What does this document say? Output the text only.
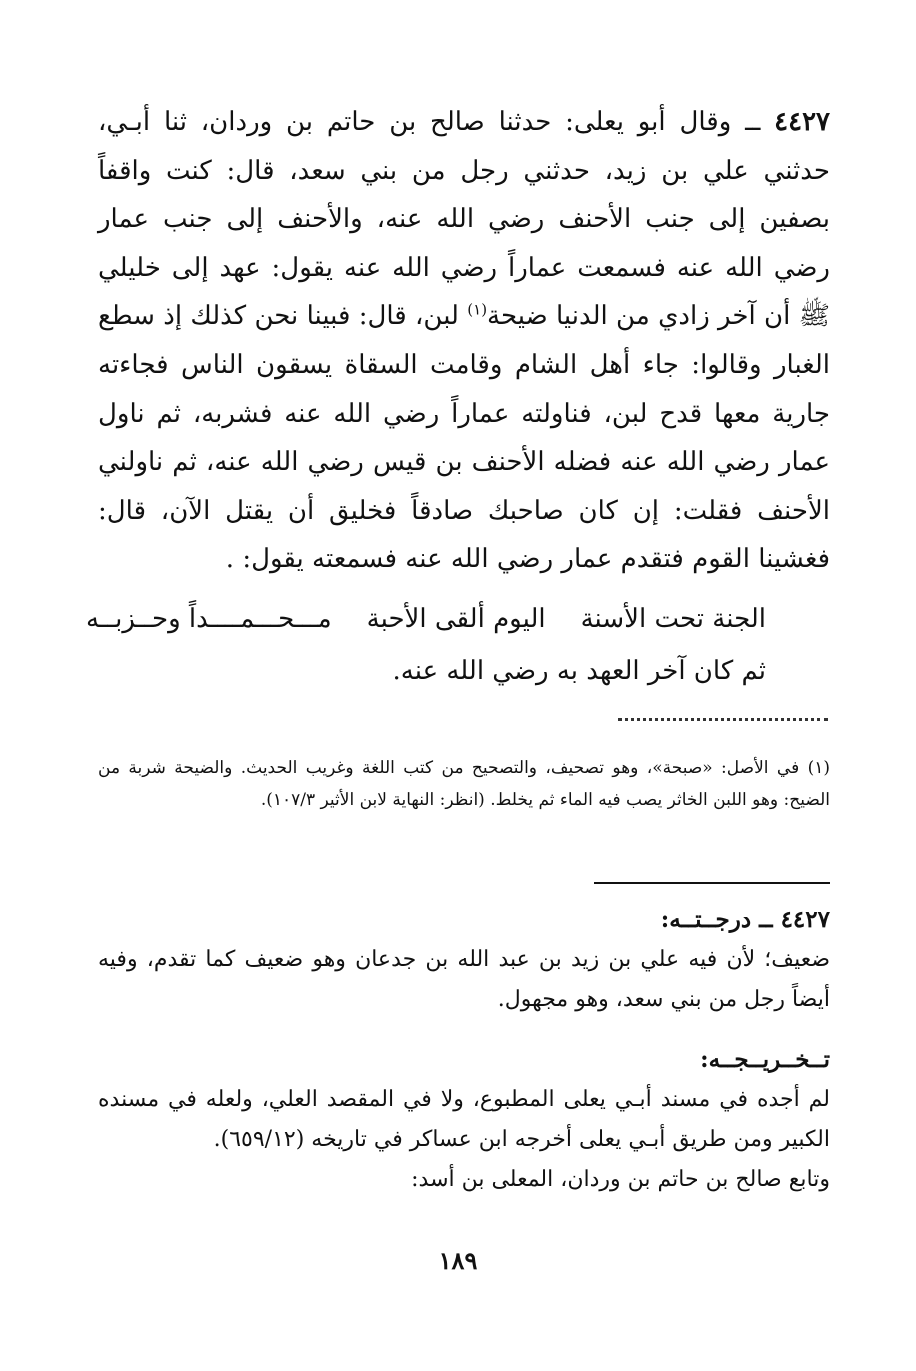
٤٤٢٧ ــ وقال أبو يعلى: حدثنا صالح بن حاتم بن وردان، ثنا أبـي، حدثني علي بن زيد، حدثني رجل من بني سعد، قال: كنت واقفاً بصفين إلى جنب الأحنف رضي الله عنه، والأحنف إلى جنب عمار رضي الله عنه فسمعت عماراً رضي الله عنه يقول: عهد إلى خليلي ﷺ أن آخر زادي من الدنيا ضيحة$^{(١)}$ لبن، قال: فبينا نحن كذلك إذ سطع الغبار وقالوا: جاء أهل الشام وقامت السقاة يسقون الناس فجاءته جارية معها قدح لبن، فناولته عماراً رضي الله عنه فشربه، ثم ناول عمار رضي الله عنه فضله الأحنف بن قيس رضي الله عنه، ثم ناولني الأحنف فقلت: إن كان صاحبك صادقاً فخليق أن يقتل الآن، قال: فغشينا القوم فتقدم عمار رضي الله عنه فسمعته يقول: .

الجنة تحت الأسنة
اليوم ألقى الأحبة
مـــحـــمــــداً وحــزبــه
ثم كان آخر العهد به رضي الله عنه.

(١) في الأصل: «صبحة»، وهو تصحيف، والتصحيح من كتب اللغة وغريب الحديث. والضيحة شربة من الضيح: وهو اللبن الخاثر يصب فيه الماء ثم يخلط. (انظر: النهاية لابن الأثير ١٠٧/٣).

٤٤٢٧ ــ درجــتــه:

ضعيف؛ لأن فيه علي بن زيد بن عبد الله بن جدعان وهو ضعيف كما تقدم، وفيه أيضاً رجل من بني سعد، وهو مجهول.

تــخــريــجــه:

لم أجده في مسند أبـي يعلى المطبوع، ولا في المقصد العلي، ولعله في مسنده الكبير ومن طريق أبـي يعلى أخرجه ابن عساكر في تاريخه (٦٥٩/١٢).

وتابع صالح بن حاتم بن وردان، المعلى بن أسد:

١٨٩
